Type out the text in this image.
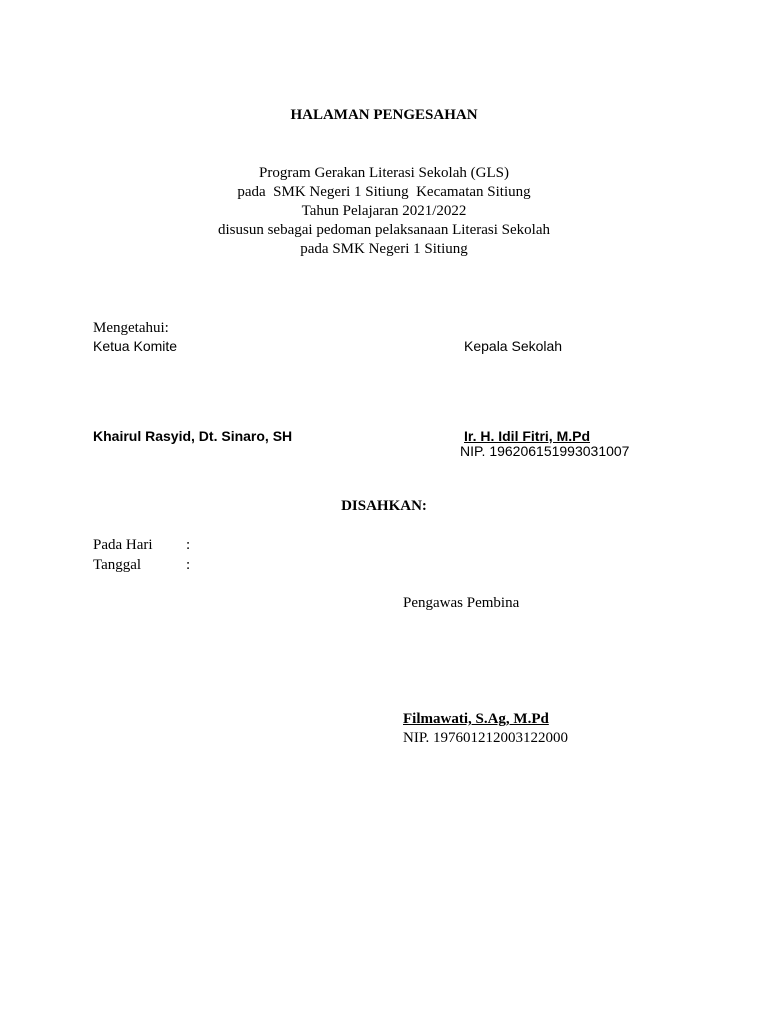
HALAMAN PENGESAHAN
Program Gerakan Literasi Sekolah (GLS)
pada  SMK Negeri 1 Sitiung  Kecamatan Sitiung
Tahun Pelajaran 2021/2022
disusun sebagai pedoman pelaksanaan Literasi Sekolah
pada SMK Negeri 1 Sitiung
Mengetahui:
Ketua Komite	Kepala Sekolah
Khairul Rasyid, Dt. Sinaro, SH	Ir. H. Idil Fitri, M.Pd
NIP. 196206151993031007
DISAHKAN:
Pada Hari :
Tanggal	:
Pengawas Pembina
Filmawati, S.Ag, M.Pd
NIP. 197601212003122000
